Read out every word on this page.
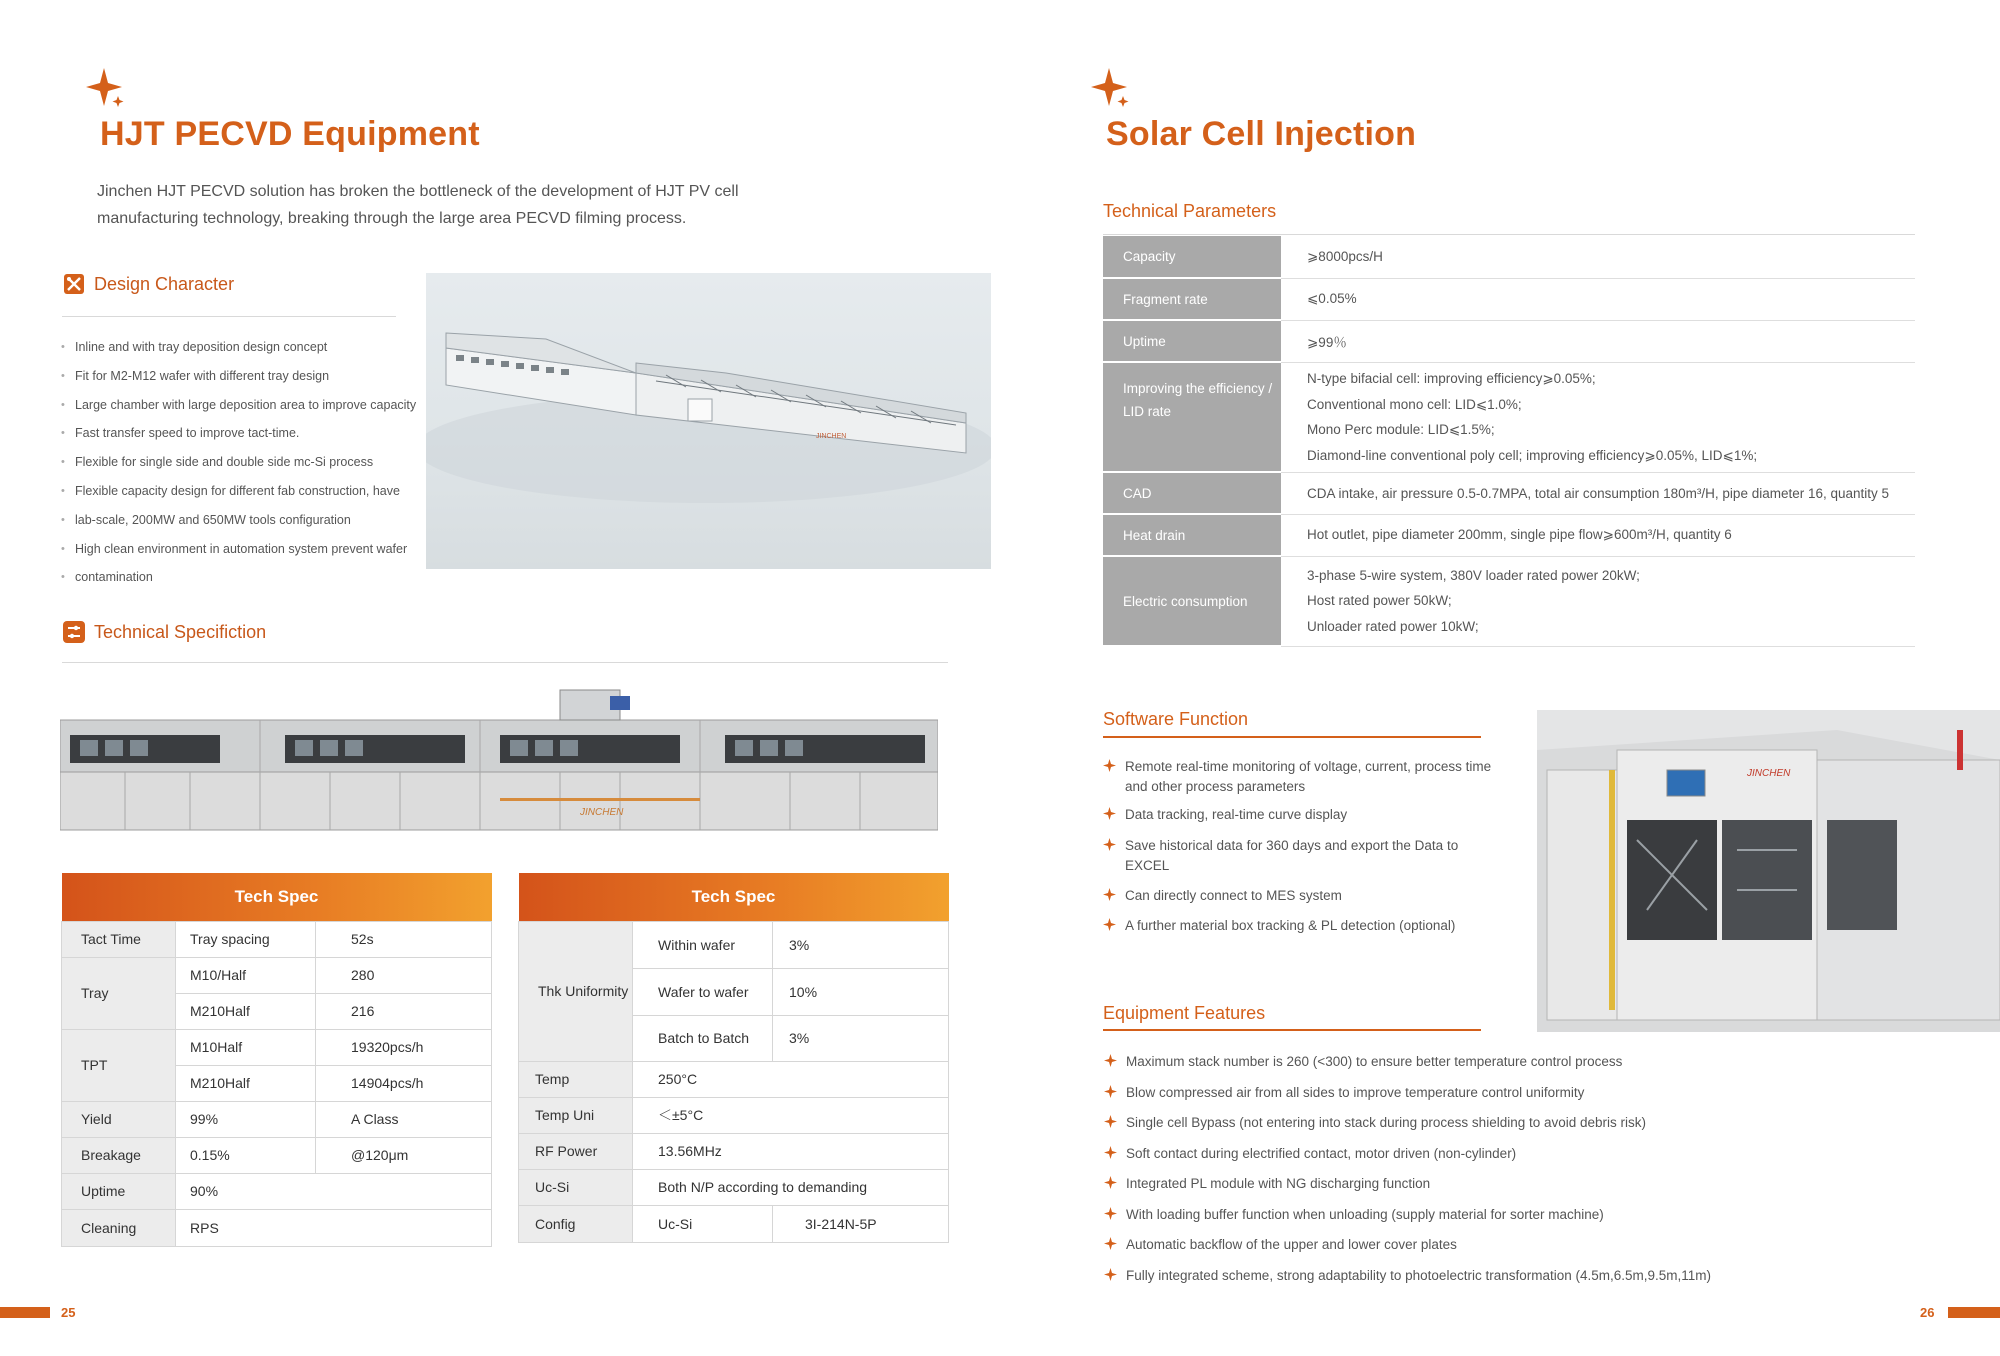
HJT PECVD Equipment
Jinchen HJT PECVD solution has broken the bottleneck of the development of HJT PV cell manufacturing technology, breaking through the large area PECVD filming process.
Design Character
• Inline and with tray deposition design concept
• Fit for M2-M12 wafer with different tray design
• Large chamber with large deposition area to improve capacity
• Fast transfer speed to improve tact-time.
• Flexible for single side and double side mc-Si process
• Flexible capacity design for different fab construction, have
• lab-scale, 200MW and 650MW tools configuration
• High clean environment in automation system prevent wafer
• contamination
JINCHEN
Technical Specifiction
JINCHEN
Tech Spec		
Tact Time	Tray spacing	52s
Tray	M10/Half	280
	M210Half	216
TPT	M10Half	19320pcs/h
	M210Half	14904pcs/h
Yield	99%	A Class
Breakage	0.15%	@120μm
Uptime	90%	
Cleaning	RPS	
Tech Spec		
Thk Uniformity	Within wafer	3%
	Wafer to wafer	10%
	Batch to Batch	3%
Temp	250°C	
Temp Uni	＜±5°C	
RF Power	13.56MHz	
Uc-Si	Both N/P according to demanding	
Config	Uc-Si	3I-214N-5P
25
Solar Cell Injection
Technical Parameters
Capacity	⩾8000pcs/H
Fragment rate	⩽0.05%
Uptime	⩾99％
Improving the efficiency / LID rate	N-type bifacial cell: improving efficiency⩾0.05%;
Conventional mono cell: LID⩽1.0%;
Mono Perc module: LID⩽1.5%;
Diamond-line conventional poly cell; improving efficiency⩾0.05%, LID⩽1%;

CAD	CDA intake, air pressure 0.5-0.7MPA, total air consumption 180m³/H, pipe diameter 16, quantity 5
Heat drain	Hot outlet, pipe diameter 200mm, single pipe flow⩾600m³/H, quantity 6
Electric consumption	3-phase 5-wire system, 380V loader rated power 20kW;
Host rated power 50kW;
Unloader rated power 10kW;
Software Function
Remote real-time monitoring of voltage, current, process time and other process parameters
Data tracking, real-time curve display
Save historical data for 360 days and export the Data to EXCEL
Can directly connect to MES system
A further material box tracking & PL detection (optional)
JINCHEN
Equipment Features
Maximum stack number is 260 (<300) to ensure better temperature control process
Blow compressed air from all sides to improve temperature control uniformity
Single cell Bypass (not entering into stack during process shielding to avoid debris risk)
Soft contact during electrified contact, motor driven (non-cylinder)
Integrated PL module with NG discharging function
With loading buffer function when unloading (supply material for sorter machine)
Automatic backflow of the upper and lower cover plates
Fully integrated scheme, strong adaptability to photoelectric transformation (4.5m,6.5m,9.5m,11m)
26
